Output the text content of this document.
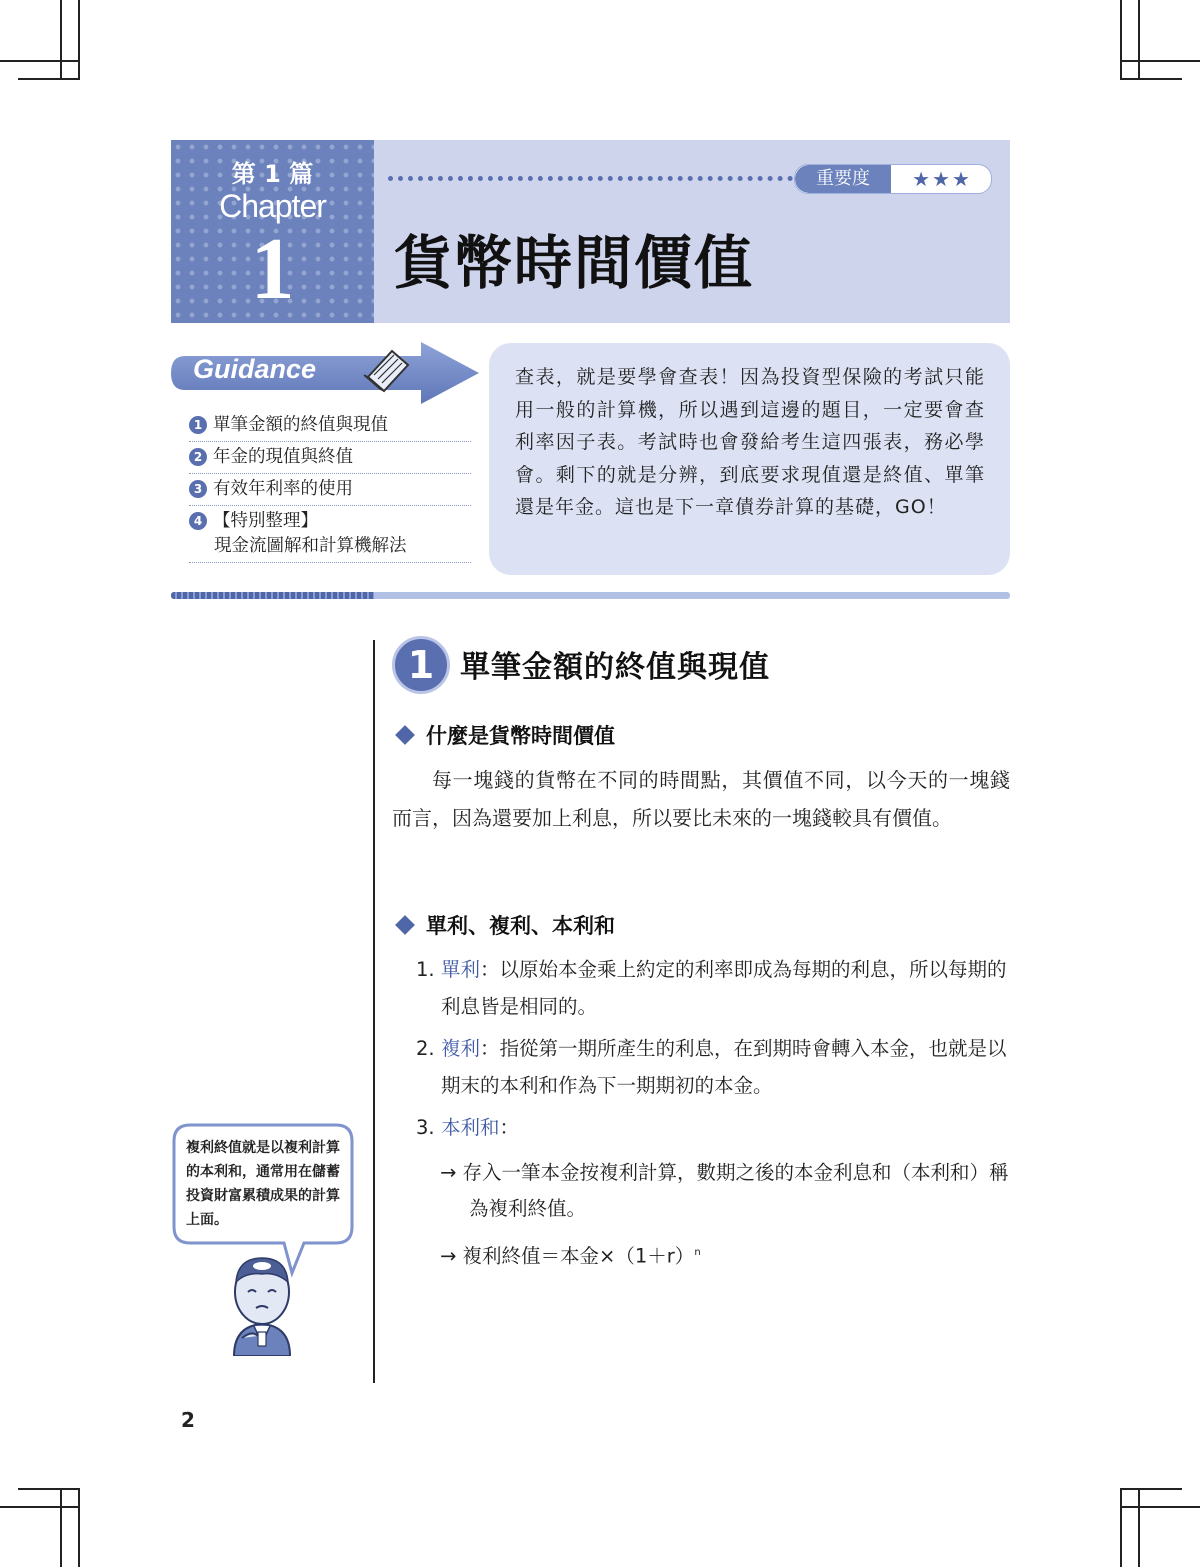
第 1 篇
Chapter
1
重要度	★★★
貨幣時間價值
Guidance
1 單筆金額的終值與現值
2 年金的現值與終值
3 有效年利率的使用
4 【特別整理】
現金流圖解和計算機解法
查表，就是要學會查表！因為投資型保險的考試只能用一般的計算機，所以遇到這邊的題目，一定要會查利率因子表。考試時也會發給考生這四張表，務必學會。剩下的就是分辨，到底要求現值還是終值、單筆還是年金。這也是下一章債券計算的基礎，GO！
1 單筆金額的終值與現值
什麼是貨幣時間價值
每一塊錢的貨幣在不同的時間點，其價值不同，以今天的一塊錢而言，因為還要加上利息，所以要比未來的一塊錢較具有價值。
單利、複利、本利和
1. 單利：以原始本金乘上約定的利率即成為每期的利息，所以每期的利息皆是相同的。
2. 複利：指從第一期所產生的利息，在到期時會轉入本金，也就是以期末的本利和作為下一期期初的本金。
3. 本利和：
→ 存入一筆本金按複利計算，數期之後的本金利息和（本利和）稱為複利終值。
→ 複利終值＝本金$\times(1+r)^n$
複利終值就是以複利計算的本利和，通常用在儲蓄投資財富累積成果的計算上面。
2
